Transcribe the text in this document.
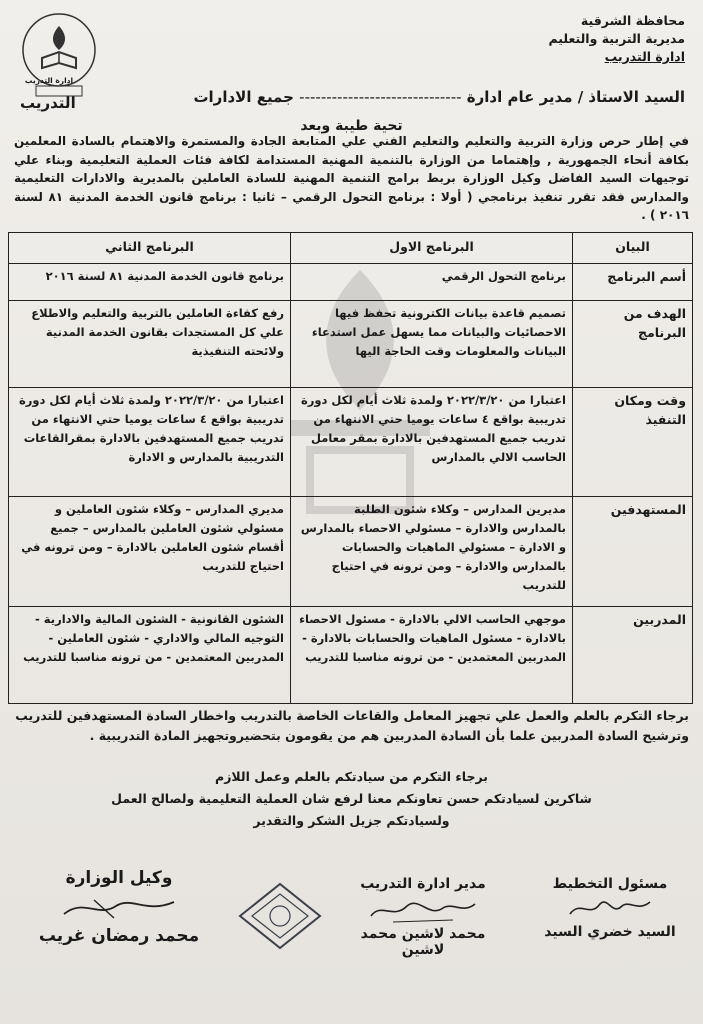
ادارة التدريب
التدريب
محافظة الشرقية
مديرية التربية والتعليم
ادارة التدريب
السيد الاستاذ / مدير عام ادارة ------------------------------ جميع الادارات
تحية طيبة وبعد
في إطار حرص وزارة التربية والتعليم والتعليم الفني علي المتابعة الجادة والمستمرة والاهتمام بالسادة المعلمين بكافة أنحاء الجمهورية , وإهتماما من الوزارة بالتنمية المهنية المستدامة لكافة فئات العملية التعليمية وبناء علي توجيهات السيد الفاضل وكيل الوزارة بربط برامج التنمية المهنية للسادة العاملين بالمديرية والادارات التعليمية والمدارس فقد تقرر تنفيذ برنامجي ( أولا : برنامج التحول الرقمي – ثانيا : برنامج قانون الخدمة المدنية ٨١ لسنة ٢٠١٦ ) .
البيان	البرنامج الاول	البرنامج الثاني
أسم البرنامج	برنامج التحول الرقمي	برنامج قانون الخدمة المدنية ٨١ لسنة ٢٠١٦
الهدف من البرنامج	تصميم قاعدة بيانات الكترونية تحفظ فيها الاحصائيات والبيانات مما يسهل عمل استدعاء البيانات والمعلومات وقت الحاجة اليها	رفع كفاءة العاملين بالتربية والتعليم والاطلاع علي كل المستجدات بقانون الخدمة المدنية ولائحته التنفيذية
وقت ومكان التنفيذ	اعتبارا من ٢٠٢٢/٣/٢٠ ولمدة ثلاث أيام لكل دورة تدريبية بواقع ٤ ساعات يوميا حتي الانتهاء من تدريب جميع المستهدفين بالادارة بمقر معامل الحاسب الالي بالمدارس	اعتبارا من ٢٠٢٢/٣/٢٠ ولمدة ثلاث أيام لكل دورة تدريبية بواقع ٤ ساعات يوميا حتي الانتهاء من تدريب جميع المستهدفين بالادارة بمقرالقاعات التدريبية بالمدارس و الادارة
المستهدفين	مديرين المدارس – وكلاء شئون الطلبة بالمدارس والادارة – مسئولي الاحصاء بالمدارس و الادارة – مسئولي الماهيات والحسابات بالمدارس والادارة – ومن ترونه في احتياج للتدريب	مديري المدارس – وكلاء شئون العاملين و مسئولي شئون العاملين بالمدارس – جميع أقسام شئون العاملين بالادارة – ومن ترونه في احتياج للتدريب
المدربين	موجهي الحاسب الالي بالادارة - مسئول الاحصاء بالادارة - مسئول الماهيات والحسابات بالادارة - المدربين المعتمدين - من ترونه مناسبا للتدريب	الشئون القانونية - الشئون المالية والادارية - التوجيه المالي والاداري - شئون العاملين - المدربين المعتمدين - من ترونه مناسبا للتدريب
برجاء التكرم بالعلم والعمل علي تجهيز المعامل والقاعات الخاصة بالتدريب واخطار السادة المستهدفين للتدريب وترشيح السادة المدربين علما بأن السادة المدربين هم من يقومون بتحضيروتجهيز المادة التدريبية .
برجاء التكرم من سيادتكم بالعلم وعمل اللازم
شاكرين لسيادتكم حسن تعاونكم معنا لرفع شان العملية التعليمية ولصالح العمل
ولسيادتكم جزيل الشكر والتقدير
مسئول التخطيط
السيد خضري السيد
مدير ادارة التدريب
محمد لاشين محمد لاشين
وكيل الوزارة
محمد رمضان غريب
